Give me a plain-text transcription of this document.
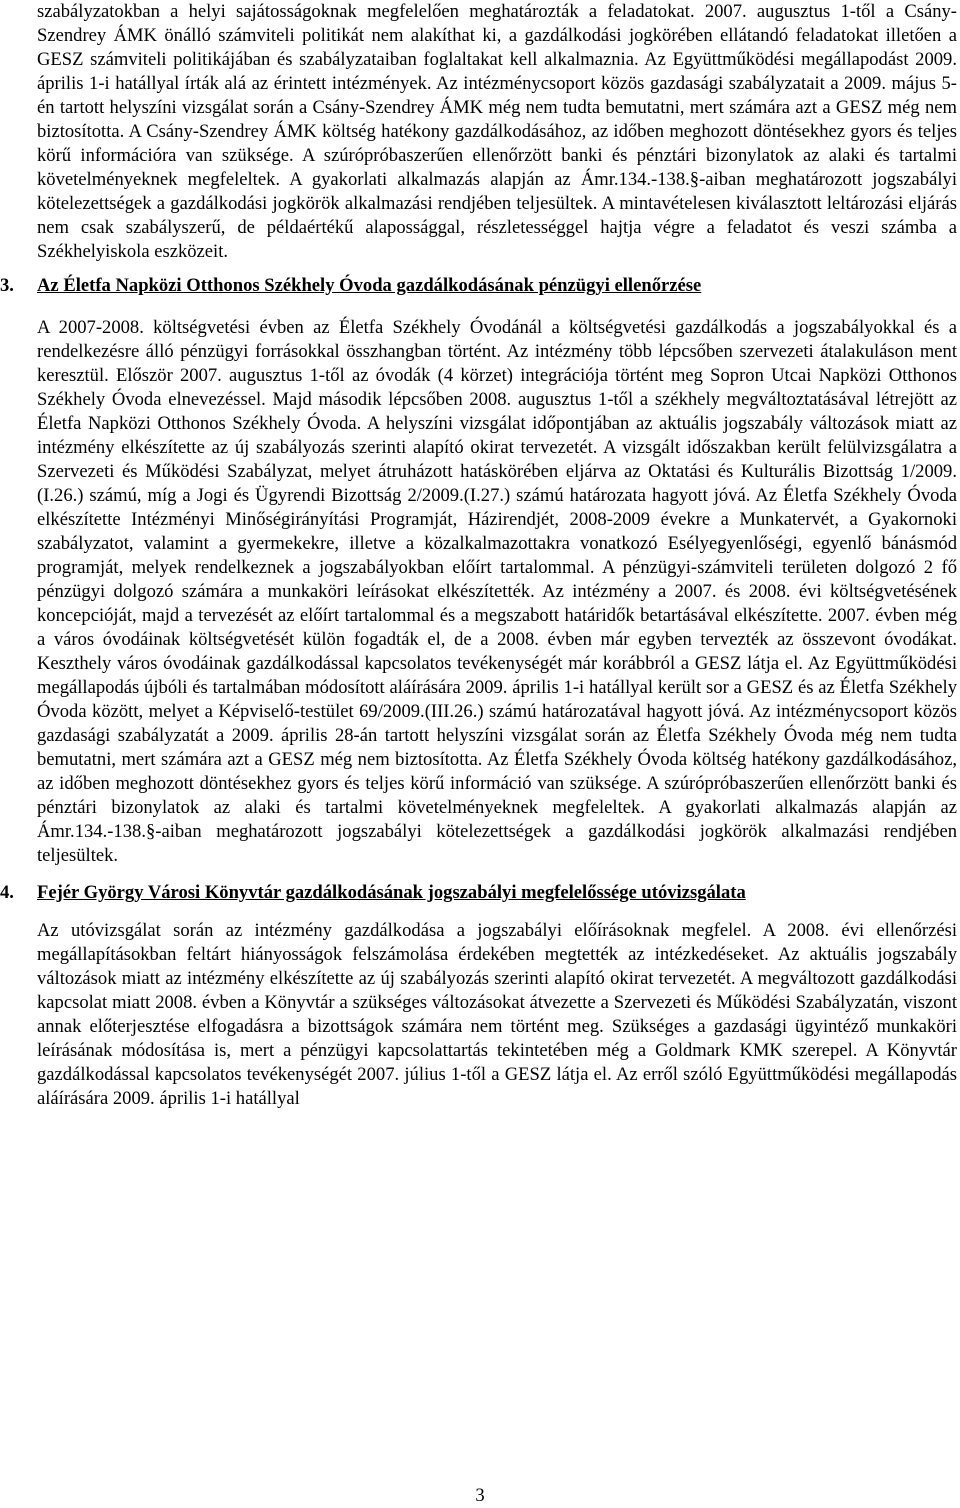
szabályzatokban a helyi sajátosságoknak megfelelően meghatározták a feladatokat. 2007. augusztus 1-től a Csány-Szendrey ÁMK önálló számviteli politikát nem alakíthat ki, a gazdálkodási jogkörében ellátandó feladatokat illetően a GESZ számviteli politikájában és szabályzataiban foglaltakat kell alkalmaznia. Az Együttműködési megállapodást 2009. április 1-i hatállyal írták alá az érintett intézmények. Az intézménycsoport közös gazdasági szabályzatait a 2009. május 5-én tartott helyszíni vizsgálat során a Csány-Szendrey ÁMK még nem tudta bemutatni, mert számára azt a GESZ még nem biztosította. A Csány-Szendrey ÁMK költség hatékony gazdálkodásához, az időben meghozott döntésekhez gyors és teljes körű információra van szüksége. A szúrópróbaszerűen ellenőrzött banki és pénztári bizonylatok az alaki és tartalmi követelményeknek megfeleltek. A gyakorlati alkalmazás alapján az Ámr.134.-138.§-aiban meghatározott jogszabályi kötelezettségek a gazdálkodási jogkörök alkalmazási rendjében teljesültek. A mintavételesen kiválasztott leltározási eljárás nem csak szabályszerű, de példaértékű alapossággal, részletességgel hajtja végre a feladatot és veszi számba a Székhelyiskola eszközeit.

3.	Az Életfa Napközi Otthonos Székhely Óvoda gazdálkodásának pénzügyi ellenőrzése

A 2007-2008. költségvetési évben az Életfa Székhely Óvodánál a költségvetési gazdálkodás a jogszabályokkal és a rendelkezésre álló pénzügyi forrásokkal összhangban történt. Az intézmény több lépcsőben szervezeti átalakuláson ment keresztül. Először 2007. augusztus 1-től az óvodák (4 körzet) integrációja történt meg Sopron Utcai Napközi Otthonos Székhely Óvoda elnevezéssel. Majd második lépcsőben 2008. augusztus 1-től a székhely megváltoztatásával létrejött az Életfa Napközi Otthonos Székhely Óvoda. A helyszíni vizsgálat időpontjában az aktuális jogszabály változások miatt az intézmény elkészítette az új szabályozás szerinti alapító okirat tervezetét. A vizsgált időszakban került felülvizsgálatra a Szervezeti és Működési Szabályzat, melyet átruházott hatáskörében eljárva az Oktatási és Kulturális Bizottság 1/2009.(I.26.) számú, míg a Jogi és Ügyrendi Bizottság 2/2009.(I.27.) számú határozata hagyott jóvá. Az Életfa Székhely Óvoda elkészítette Intézményi Minőségirányítási Programját, Házirendjét, 2008-2009 évekre a Munkatervét, a Gyakornoki szabályzatot, valamint a gyermekekre, illetve a közalkalmazottakra vonatkozó Esélyegyenlőségi, egyenlő bánásmód programját, melyek rendelkeznek a jogszabályokban előírt tartalommal. A pénzügyi-számviteli területen dolgozó 2 fő pénzügyi dolgozó számára a munkaköri leírásokat elkészítették. Az intézmény a 2007. és 2008. évi költségvetésének koncepcióját, majd a tervezését az előírt tartalommal és a megszabott határidők betartásával elkészítette. 2007. évben még a város óvodáinak költségvetését külön fogadták el, de a 2008. évben már egyben tervezték az összevont óvodákat. Keszthely város óvodáinak gazdálkodással kapcsolatos tevékenységét már korábbról a GESZ látja el. Az Együttműködési megállapodás újbóli és tartalmában módosított aláírására 2009. április 1-i hatállyal került sor a GESZ és az Életfa Székhely Óvoda között, melyet a Képviselő-testület 69/2009.(III.26.) számú határozatával hagyott jóvá. Az intézménycsoport közös gazdasági szabályzatát a 2009. április 28-án tartott helyszíni vizsgálat során az Életfa Székhely Óvoda még nem tudta bemutatni, mert számára azt a GESZ még nem biztosította. Az Életfa Székhely Óvoda költség hatékony gazdálkodásához, az időben meghozott döntésekhez gyors és teljes körű információ van szüksége. A szúrópróbaszerűen ellenőrzött banki és pénztári bizonylatok az alaki és tartalmi követelményeknek megfeleltek. A gyakorlati alkalmazás alapján az Ámr.134.-138.§-aiban meghatározott jogszabályi kötelezettségek a gazdálkodási jogkörök alkalmazási rendjében teljesültek.

4.	Fejér György Városi Könyvtár gazdálkodásának jogszabályi megfelelőssége utóvizsgálata

Az utóvizsgálat során az intézmény gazdálkodása a jogszabályi előírásoknak megfelel. A 2008. évi ellenőrzési megállapításokban feltárt hiányosságok felszámolása érdekében megtették az intézkedéseket. Az aktuális jogszabály változások miatt az intézmény elkészítette az új szabályozás szerinti alapító okirat tervezetét. A megváltozott gazdálkodási kapcsolat miatt 2008. évben a Könyvtár a szükséges változásokat átvezette a Szervezeti és Működési Szabályzatán, viszont annak előterjesztése elfogadásra a bizottságok számára nem történt meg. Szükséges a gazdasági ügyintéző munkaköri leírásának módosítása is, mert a pénzügyi kapcsolattartás tekintetében még a Goldmark KMK szerepel. A Könyvtár gazdálkodással kapcsolatos tevékenységét 2007. július 1-től a GESZ látja el. Az erről szóló Együttműködési megállapodás aláírására 2009. április 1-i hatállyal

3
